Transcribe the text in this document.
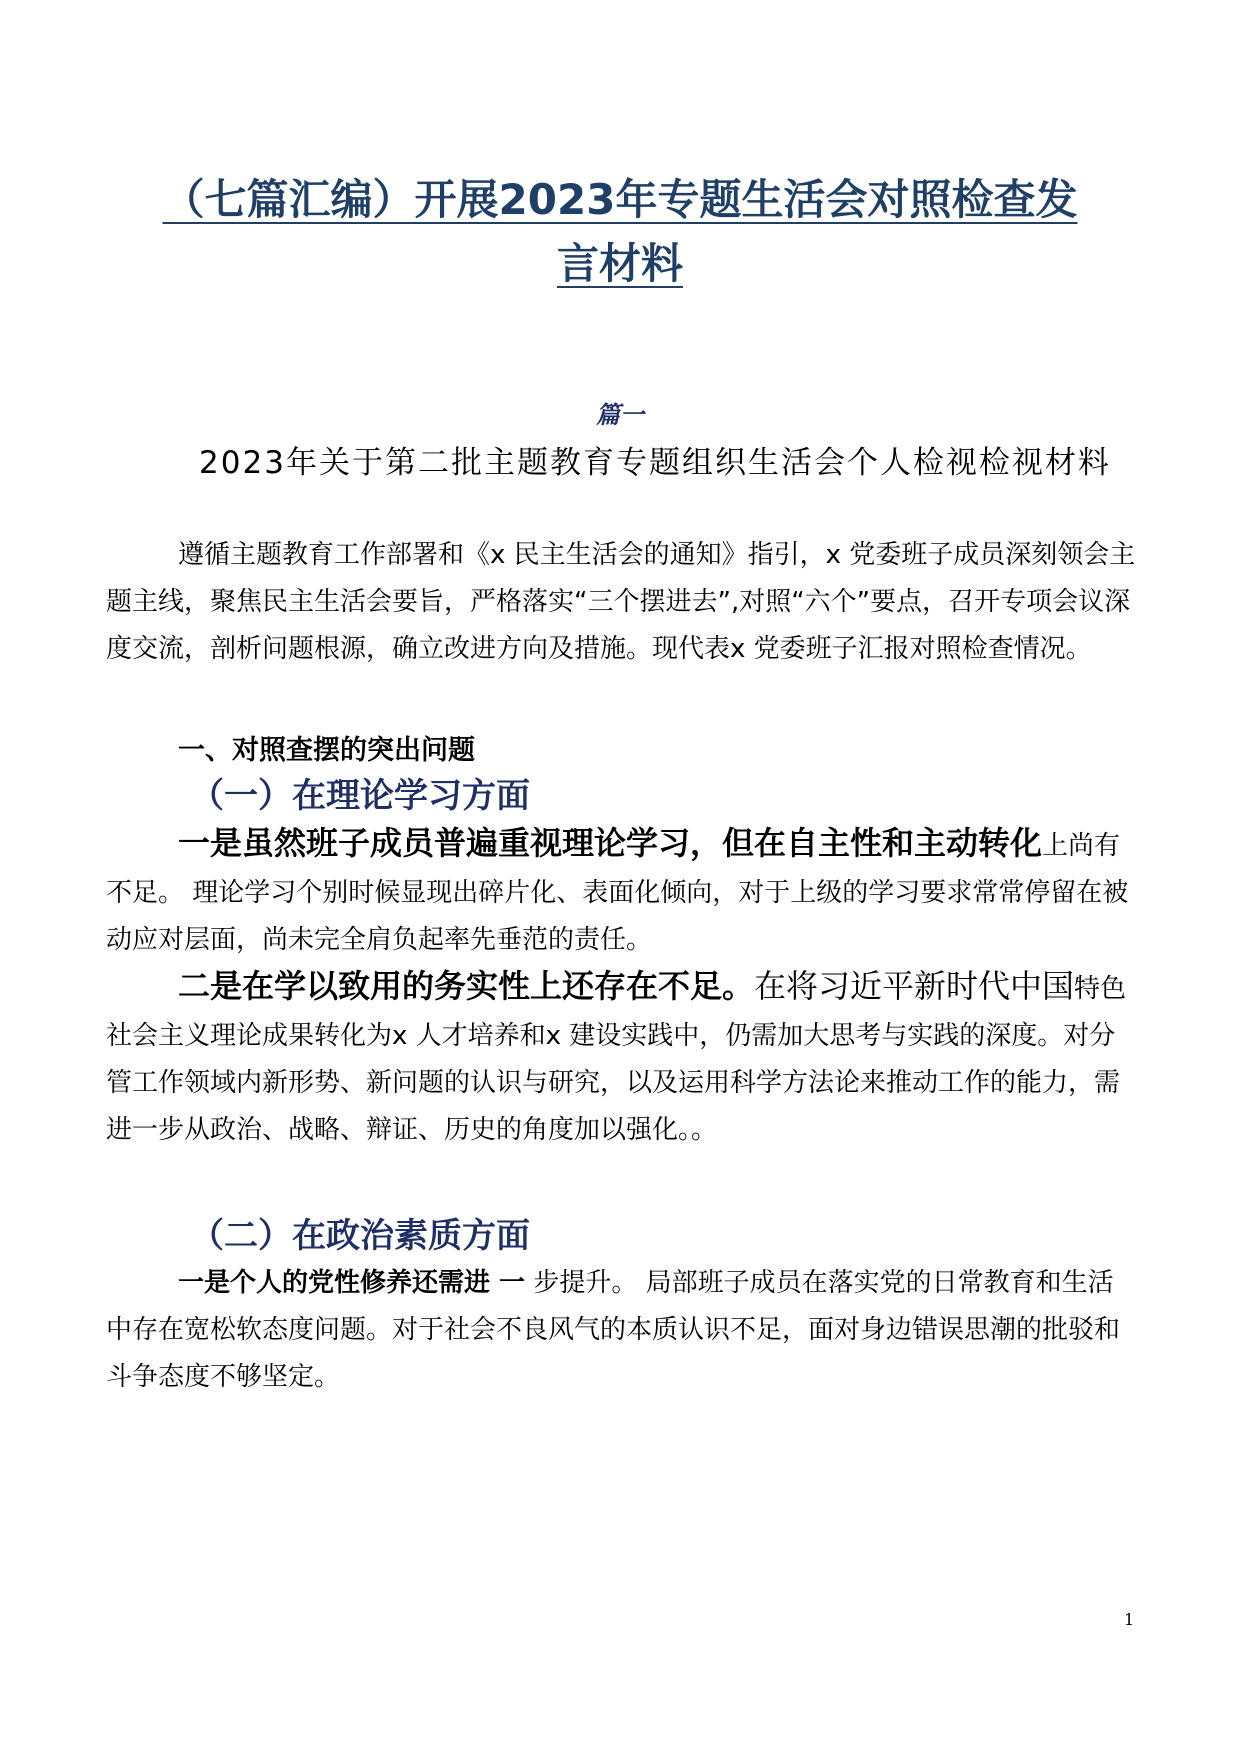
（七篇汇编）开展2023年专题生活会对照检查发
言材料
篇一
2023年关于第二批主题教育专题组织生活会个人检视检视材料

遵循主题教育工作部署和《x 民主生活会的通知》指引，x 党委班子成员深刻领会主题主线，聚焦民主生活会要旨，严格落实“三个摆进去”,对照“六个”要点，召开专项会议深度交流，剖析问题根源，确立改进方向及措施。现代表x 党委班子汇报对照检查情况。

一、对照查摆的突出问题
（一）在理论学习方面

一是虽然班子成员普遍重视理论学习，但在自主性和主动转化上尚有不足。 理论学习个别时候显现出碎片化、表面化倾向，对于上级的学习要求常常停留在被动应对层面，尚未完全肩负起率先垂范的责任。

二是在学以致用的务实性上还存在不足。在将习近平新时代中国特色社会主义理论成果转化为x 人才培养和x 建设实践中，仍需加大思考与实践的深度。对分管工作领域内新形势、新问题的认识与研究，以及运用科学方法论来推动工作的能力，需进一步从政治、战略、辩证、历史的角度加以强化。。

（二）在政治素质方面

一是个人的党性修养还需进 一 步提升。 局部班子成员在落实党的日常教育和生活中存在宽松软态度问题。对于社会不良风气的本质认识不足，面对身边错误思潮的批驳和斗争态度不够坚定。

1
